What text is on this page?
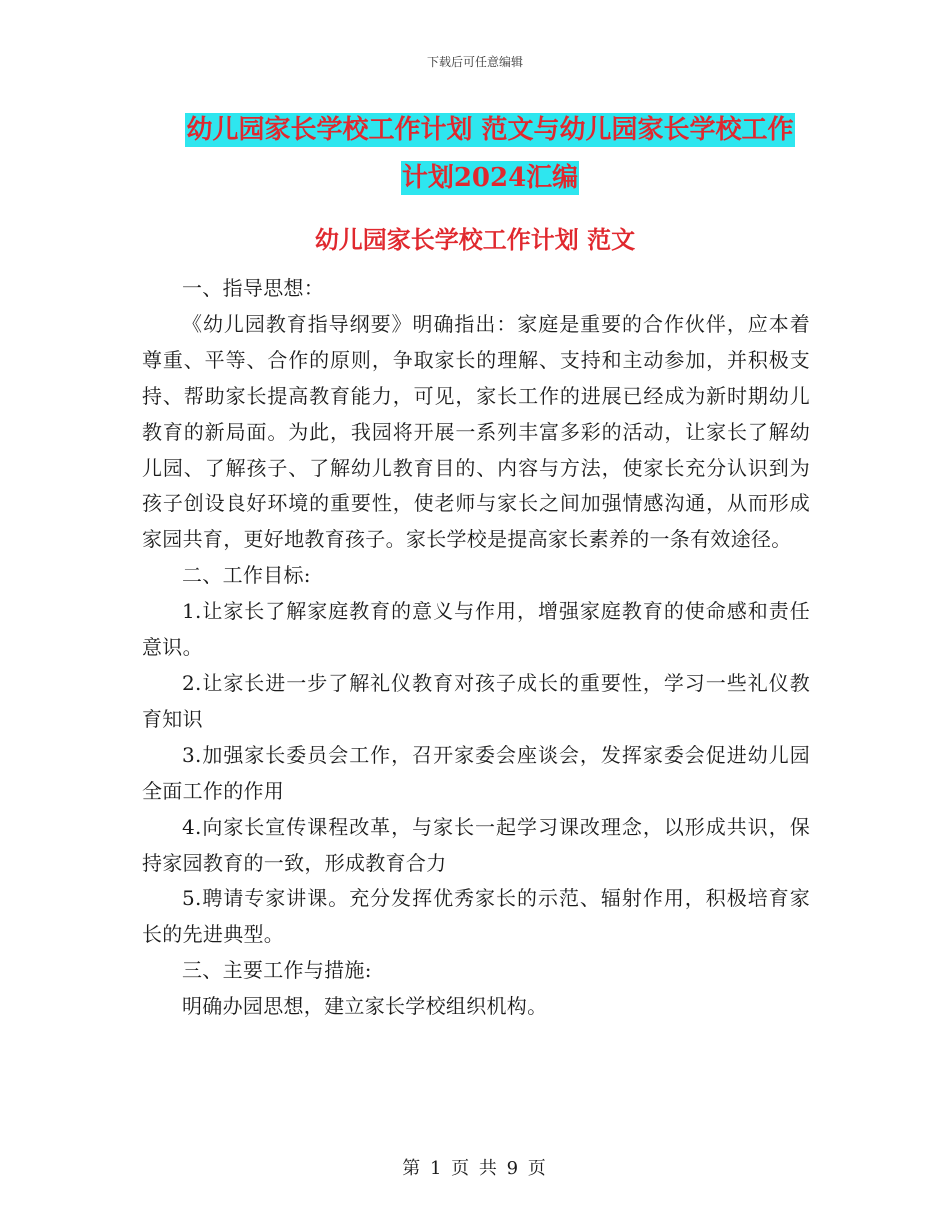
下载后可任意编辑
幼儿园家长学校工作计划 范文与幼儿园家长学校工作
计划2024汇编
幼儿园家长学校工作计划 范文

一、指导思想：

《幼儿园教育指导纲要》明确指出：家庭是重要的合作伙伴，应本着尊重、平等、合作的原则，争取家长的理解、支持和主动参加，并积极支持、帮助家长提高教育能力，可见，家长工作的进展已经成为新时期幼儿教育的新局面。为此，我园将开展一系列丰富多彩的活动，让家长了解幼儿园、了解孩子、了解幼儿教育目的、内容与方法，使家长充分认识到为孩子创设良好环境的重要性，使老师与家长之间加强情感沟通，从而形成家园共育，更好地教育孩子。家长学校是提高家长素养的一条有效途径。

二、工作目标:

1.让家长了解家庭教育的意义与作用，增强家庭教育的使命感和责任意识。

2.让家长进一步了解礼仪教育对孩子成长的重要性，学习一些礼仪教育知识

3.加强家长委员会工作，召开家委会座谈会，发挥家委会促进幼儿园全面工作的作用

4.向家长宣传课程改革，与家长一起学习课改理念，以形成共识，保持家园教育的一致，形成教育合力

5.聘请专家讲课。充分发挥优秀家长的示范、辐射作用，积极培育家长的先进典型。

三、主要工作与措施:

明确办园思想，建立家长学校组织机构。

第 1 页 共 9 页
